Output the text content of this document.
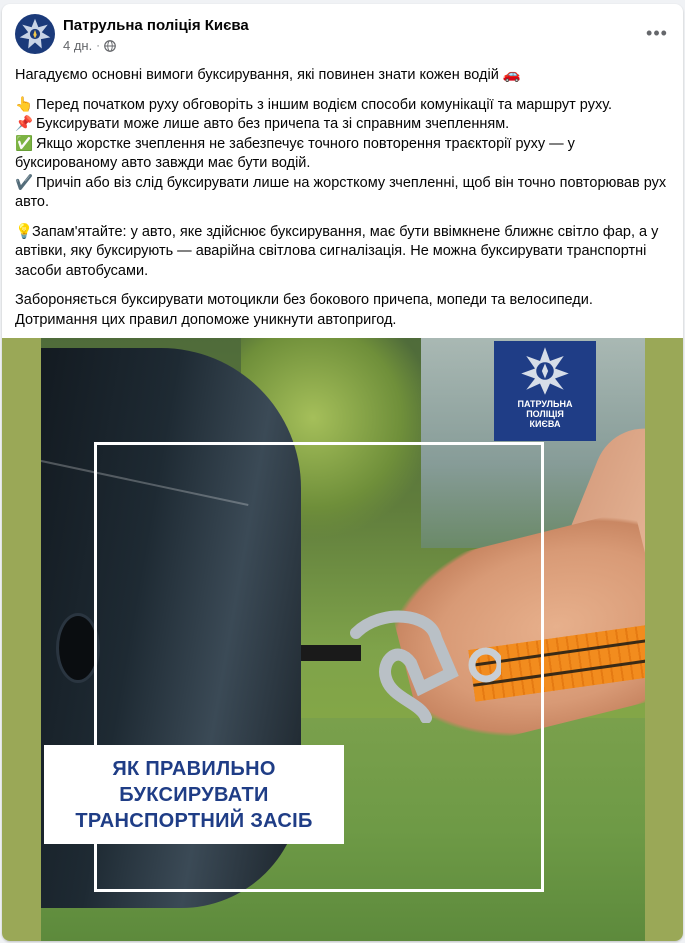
Патрульна поліція Києва
4 дн. ·
•••

Нагадуємо основні вимоги буксирування, які повинен знати кожен водій 🚗

👆 Перед початком руху обговоріть з іншим водієм способи комунікації та маршрут руху.
📌 Буксирувати може лише авто без причепа та зі справним зчепленням.
✅ Якщо жорстке зчеплення не забезпечує точного повторення траєкторії руху — у буксированому авто завжди має бути водій.
✔️ Причіп або віз слід буксирувати лише на жорсткому зчепленні, щоб він точно повторював рух авто.

💡Запам'ятайте: у авто, яке здійснює буксирування, має бути ввімкнене ближнє світло фар, а у автівки, яку буксирують — аварійна світлова сигналізація. Не можна буксирувати транспортні засоби автобусами.

Забороняється буксирувати мотоцикли без бокового причепа, мопеди та велосипеди.
Дотримання цих правил допоможе уникнути автопригод.

ПАТРУЛЬНА
ПОЛІЦІЯ
КИЄВА
ЯК ПРАВИЛЬНО
БУКСИРУВАТИ
ТРАНСПОРТНИЙ ЗАСІБ
